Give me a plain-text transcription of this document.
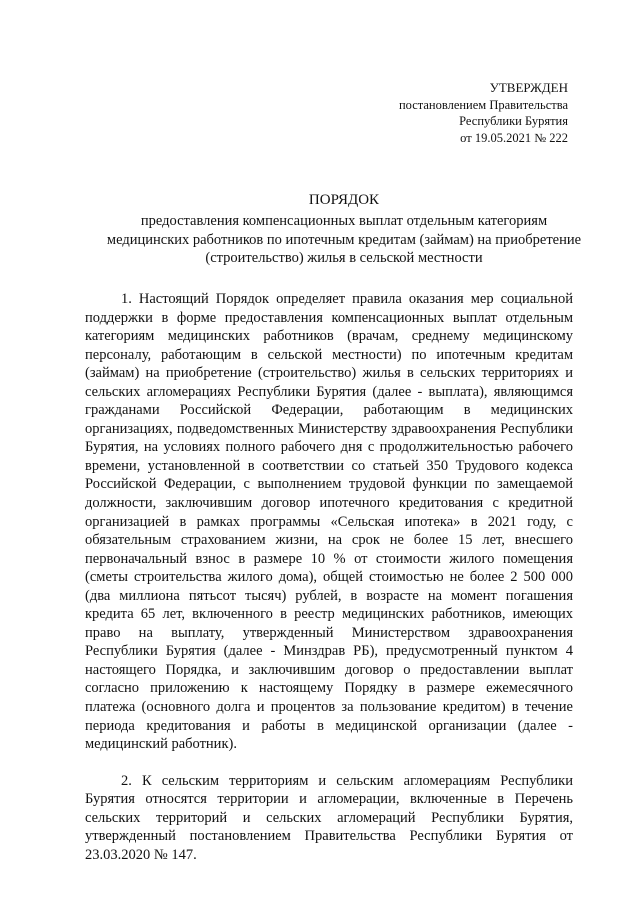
УТВЕРЖДЕН
постановлением Правительства
Республики Бурятия
от 19.05.2021 № 222
ПОРЯДОК
предоставления компенсационных выплат отдельным категориям медицинских работников по ипотечным кредитам (займам) на приобретение (строительство) жилья в сельской местности

1. Настоящий Порядок определяет правила оказания мер социальной поддержки в форме предоставления компенсационных выплат отдельным категориям медицинских работников (врачам, среднему медицинскому персоналу, работающим в сельской местности) по ипотечным кредитам (займам) на приобретение (строительство) жилья в сельских территориях и сельских агломерациях Республики Бурятия (далее - выплата), являющимся гражданами Российской Федерации, работающим в медицинских организациях, подведомственных Министерству здравоохранения Республики Бурятия, на условиях полного рабочего дня с продолжительностью рабочего времени, установленной в соответствии со статьей 350 Трудового кодекса Российской Федерации, с выполнением трудовой функции по замещаемой должности, заключившим договор ипотечного кредитования с кредитной организацией в рамках программы «Сельская ипотека» в 2021 году, с обязательным страхованием жизни, на срок не более 15 лет, внесшего первоначальный взнос в размере 10 % от стоимости жилого помещения (сметы строительства жилого дома), общей стоимостью не более 2 500 000 (два миллиона пятьсот тысяч) рублей, в возрасте на момент погашения кредита 65 лет, включенного в реестр медицинских работников, имеющих право на выплату, утвержденный Министерством здравоохранения Республики Бурятия (далее - Минздрав РБ), предусмотренный пунктом 4 настоящего Порядка, и заключившим договор о предоставлении выплат согласно приложению к настоящему Порядку в размере ежемесячного платежа (основного долга и процентов за пользование кредитом) в течение периода кредитования и работы в медицинской организации (далее - медицинский работник).

2. К сельским территориям и сельским агломерациям Республики Бурятия относятся территории и агломерации, включенные в Перечень сельских территорий и сельских агломераций Республики Бурятия, утвержденный постановлением Правительства Республики Бурятия от 23.03.2020 № 147.
